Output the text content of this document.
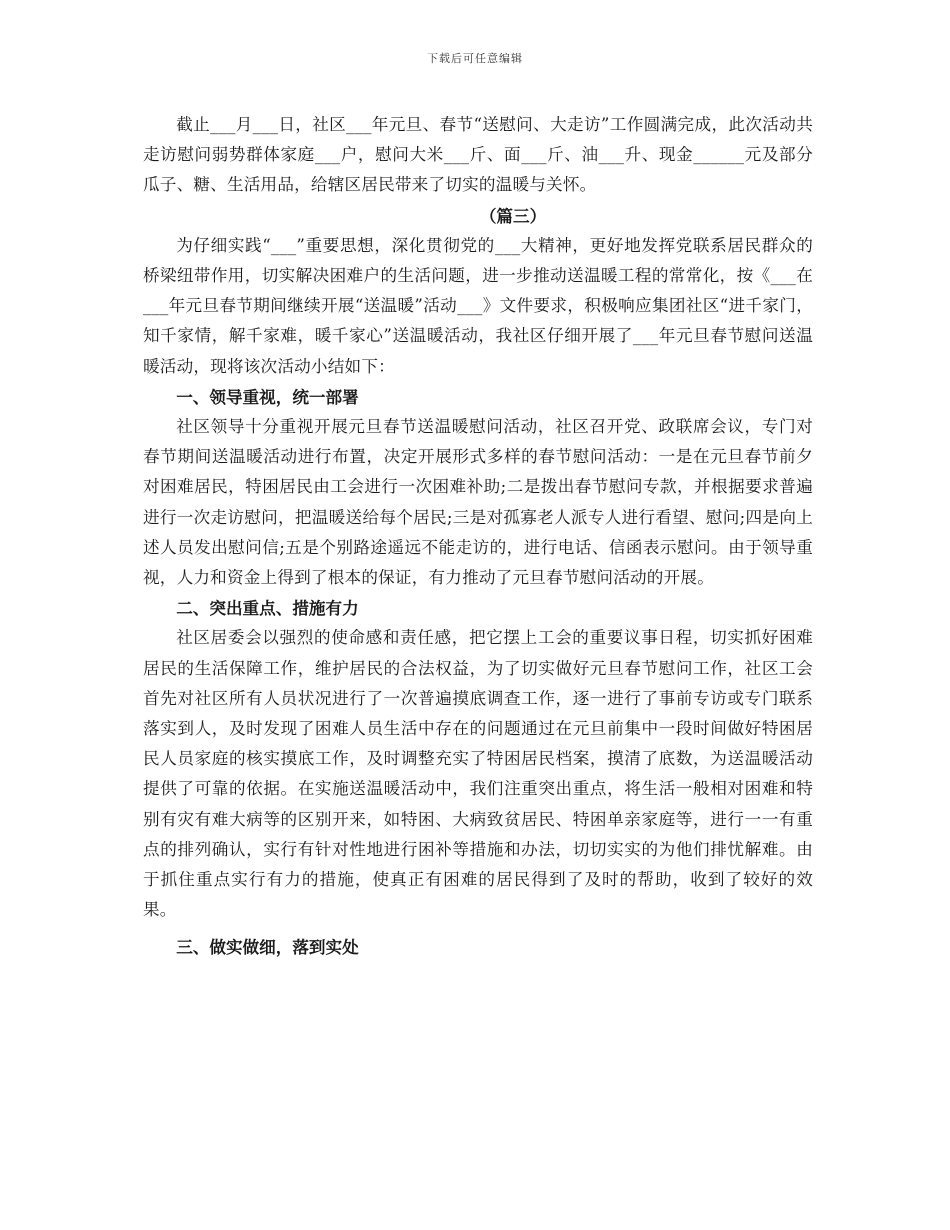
下载后可任意编辑

截止___月___日，社区___年元旦、春节“送慰问、大走访”工作圆满完成，此次活动共走访慰问弱势群体家庭___户，慰问大米___斤、面___斤、油___升、现金______元及部分瓜子、糖、生活用品，给辖区居民带来了切实的温暖与关怀。

（篇三）

为仔细实践“___”重要思想，深化贯彻党的___大精神，更好地发挥党联系居民群众的桥梁纽带作用，切实解决困难户的生活问题，进一步推动送温暖工程的常常化，按《___在___年元旦春节期间继续开展“送温暖”活动___》文件要求，积极响应集团社区“进千家门，知千家情，解千家难，暖千家心”送温暖活动，我社区仔细开展了___年元旦春节慰问送温暖活动，现将该次活动小结如下：

一、领导重视，统一部署

社区领导十分重视开展元旦春节送温暖慰问活动，社区召开党、政联席会议，专门对春节期间送温暖活动进行布置，决定开展形式多样的春节慰问活动：一是在元旦春节前夕对困难居民，特困居民由工会进行一次困难补助;二是拨出春节慰问专款，并根据要求普遍进行一次走访慰问，把温暖送给每个居民;三是对孤寡老人派专人进行看望、慰问;四是向上述人员发出慰问信;五是个别路途遥远不能走访的，进行电话、信函表示慰问。由于领导重视，人力和资金上得到了根本的保证，有力推动了元旦春节慰问活动的开展。

二、突出重点、措施有力

社区居委会以强烈的使命感和责任感，把它摆上工会的重要议事日程，切实抓好困难居民的生活保障工作，维护居民的合法权益，为了切实做好元旦春节慰问工作，社区工会首先对社区所有人员状况进行了一次普遍摸底调查工作，逐一进行了事前专访或专门联系落实到人，及时发现了困难人员生活中存在的问题通过在元旦前集中一段时间做好特困居民人员家庭的核实摸底工作，及时调整充实了特困居民档案，摸清了底数，为送温暖活动提供了可靠的依据。在实施送温暖活动中，我们注重突出重点，将生活一般相对困难和特别有灾有难大病等的区别开来，如特困、大病致贫居民、特困单亲家庭等，进行一一有重点的排列确认，实行有针对性地进行困补等措施和办法，切切实实的为他们排忧解难。由于抓住重点实行有力的措施，使真正有困难的居民得到了及时的帮助，收到了较好的效果。

三、做实做细，落到实处
